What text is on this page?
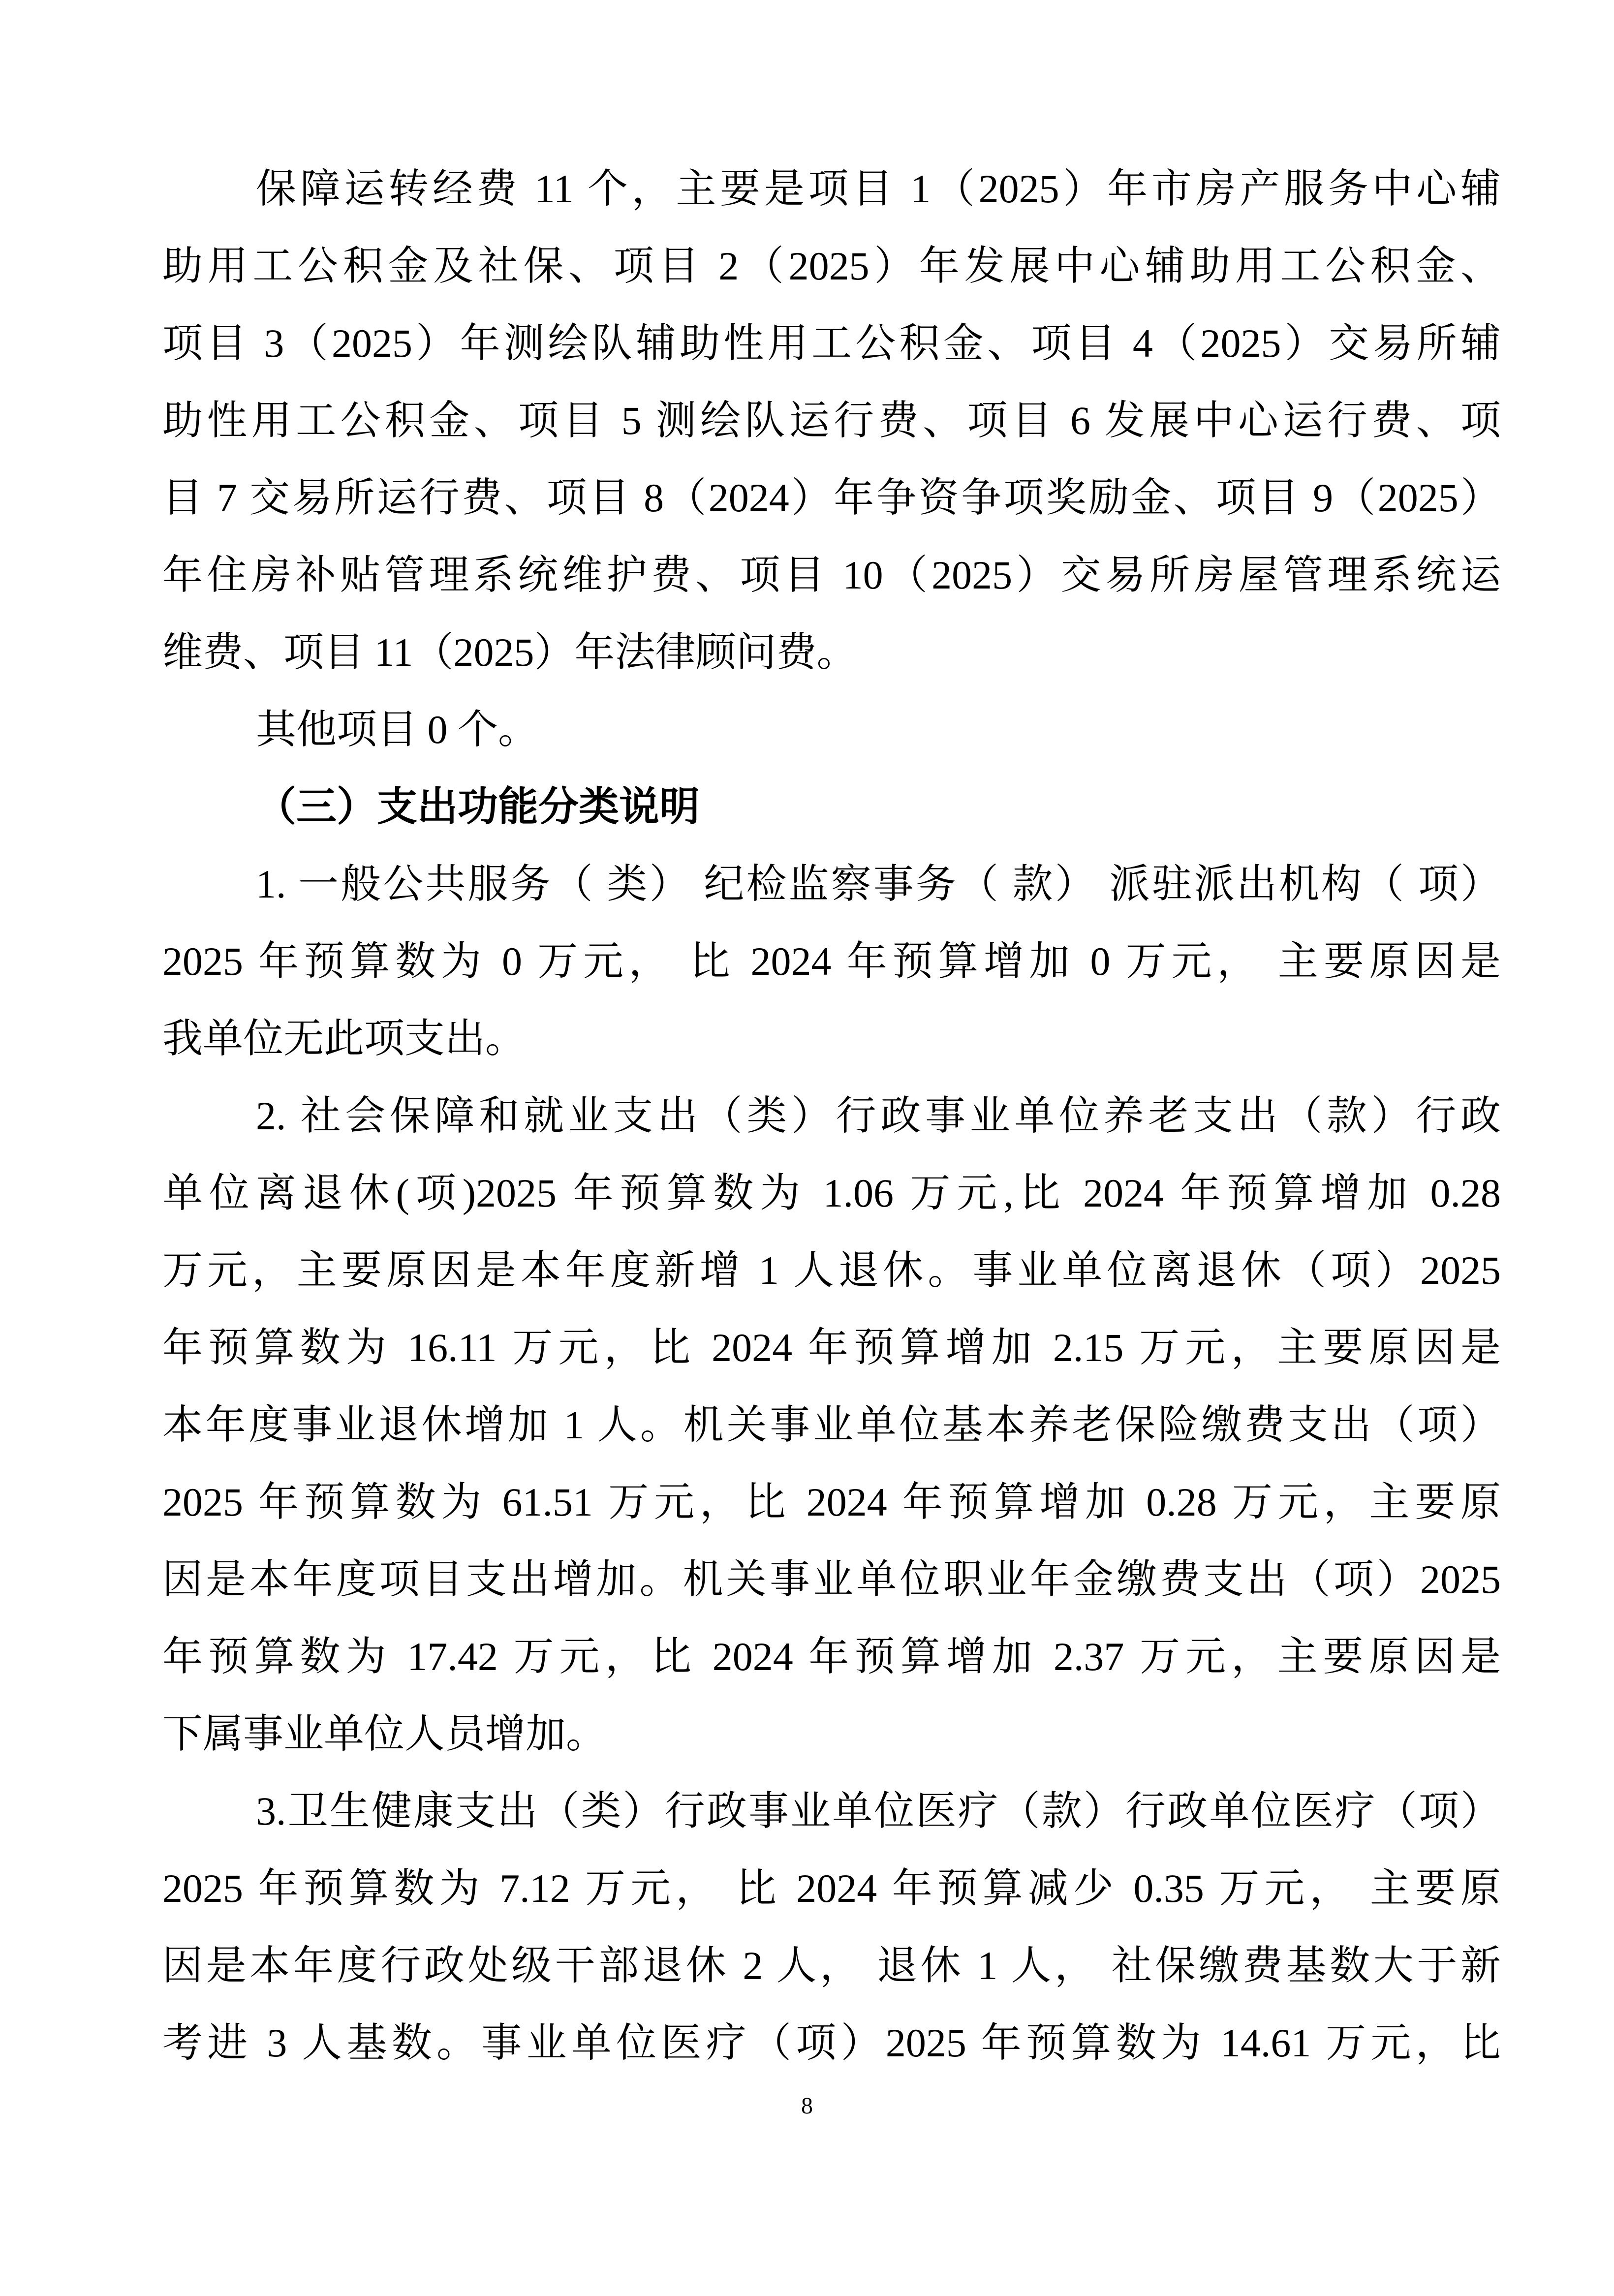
保障运转经费 11 个，主要是项目 1（2025）年市房产服务中心辅
助用工公积金及社保、项目 2（2025）年发展中心辅助用工公积金、
项目 3（2025）年测绘队辅助性用工公积金、项目 4（2025）交易所辅
助性用工公积金、项目 5 测绘队运行费、项目 6 发展中心运行费、项
目 7 交易所运行费、项目 8（2024）年争资争项奖励金、项目 9（2025）
年住房补贴管理系统维护费、项目 10（2025）交易所房屋管理系统运
维费、项目 11（2025）年法律顾问费。
其他项目 0 个。
（三）支出功能分类说明
1. 一般公共服务（ 类） 纪检监察事务（ 款） 派驻派出机构（ 项）
2025 年预算数为 0 万元， 比 2024 年预算增加 0 万元， 主要原因是
我单位无此项支出。
2. 社会保障和就业支出（类）行政事业单位养老支出（款）行政
单位离退休(项)2025 年预算数为 1.06 万元,比 2024 年预算增加 0.28
万元，主要原因是本年度新增 1 人退休。事业单位离退休（项）2025
年预算数为 16.11 万元，比 2024 年预算增加 2.15 万元，主要原因是
本年度事业退休增加 1 人。机关事业单位基本养老保险缴费支出（项）
2025 年预算数为 61.51 万元，比 2024 年预算增加 0.28 万元，主要原
因是本年度项目支出增加。机关事业单位职业年金缴费支出（项）2025
年预算数为 17.42 万元，比 2024 年预算增加 2.37 万元，主要原因是
下属事业单位人员增加。
3.卫生健康支出（类）行政事业单位医疗（款）行政单位医疗（项）
2025 年预算数为 7.12 万元， 比 2024 年预算减少 0.35 万元， 主要原
因是本年度行政处级干部退休 2 人， 退休 1 人， 社保缴费基数大于新
考进 3 人基数。事业单位医疗（项）2025 年预算数为 14.61 万元，比
8
